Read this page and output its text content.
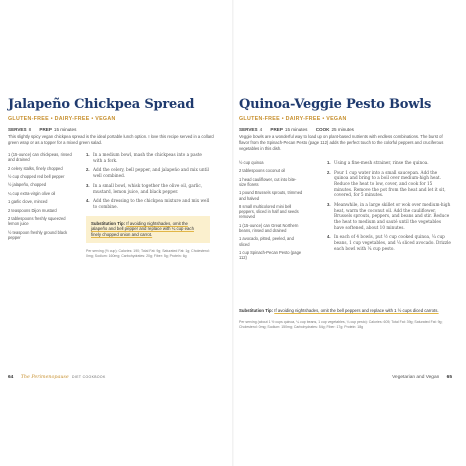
Jalapeño Chickpea Spread
GLUTEN-FREE • DAIRY-FREE • VEGAN
SERVES 8 PREP 15 minutes
This slightly spicy vegan chickpea spread is the ideal portable lunch option. I love this recipe served in a collard green wrap or as a topper for a mixed green salad.
1 (15-ounce) can chickpeas, rinsed and drained
2 celery stalks, finely chopped
½ cup chopped red bell pepper
½ jalapeño, chopped
¼ cup extra-virgin olive oil
1 garlic clove, minced
2 teaspoons Dijon mustard
2 tablespoons freshly squeezed lemon juice
½ teaspoon freshly ground black pepper
1. In a medium bowl, mash the chickpeas into a paste with a fork.
2. Add the celery, bell pepper, and jalapeño and mix until well combined.
3. In a small bowl, whisk together the olive oil, garlic, mustard, lemon juice, and black pepper.
4. Add the dressing to the chickpea mixture and mix well to combine.
Substitution Tip: If avoiding nightshades, omit the jalapeño and bell pepper and replace with ¼ cup each finely chopped onion and carrot.
Per serving (½ cup): Calories: 190; Total Fat: 9g; Saturated Fat: 1g; Cholesterol: 0mg; Sodium: 160mg; Carbohydrates: 20g; Fiber: 5g; Protein: 6g
64 The Perimenopause DIET COOKBOOK
Quinoa-Veggie Pesto Bowls
GLUTEN-FREE • DAIRY-FREE • VEGAN
SERVES 4 PREP 15 minutes COOK 25 minutes
Veggie bowls are a wonderful way to load up on plant-based nutrients with endless combinations. The burst of flavor from the Spinach-Pecan Pesto (page 112) adds the perfect touch to the colorful peppers and cruciferous vegetables in this dish.
½ cup quinoa
2 tablespoons coconut oil
1 head cauliflower, cut into bite-size florets
1 pound Brussels sprouts, trimmed and halved
8 small multicolored mini bell peppers, sliced in half and seeds removed
1 (15-ounce) can Great Northern beans, rinsed and drained
1 avocado, pitted, peeled, and sliced
1 cup Spinach-Pecan Pesto (page 112)
1. Using a fine-mesh strainer, rinse the quinoa.
2. Pour 1 cup water into a small saucepan. Add the quinoa and bring to a boil over medium-high heat. Reduce the heat to low, cover, and cook for 15 minutes. Remove the pot from the heat and let it sit, covered, for 5 minutes.
3. Meanwhile, in a large skillet or wok over medium-high heat, warm the coconut oil. Add the cauliflower, Brussels sprouts, peppers, and beans and stir. Reduce the heat to medium and sauté until the vegetables have softened, about 10 minutes.
4. In each of 4 bowls, put ½ cup cooked quinoa, ¼ cup beans, 1 cup vegetables, and ¼ sliced avocado. Drizzle each bowl with ¼ cup pesto.
Substitution Tip: If avoiding nightshades, omit the bell peppers and replace with 1 ½ cups diced carrots.
Per serving (about 1 ½ cups quinoa, ¼ cup beans, 1 cup vegetables, ¼ cup pesto): Calories: 605; Total Fat: 39g; Saturated Fat: 9g; Cholesterol: 0mg; Sodium: 150mg; Carbohydrates: 54g; Fiber: 17g; Protein: 18g
Vegetarian and Vegan 65
